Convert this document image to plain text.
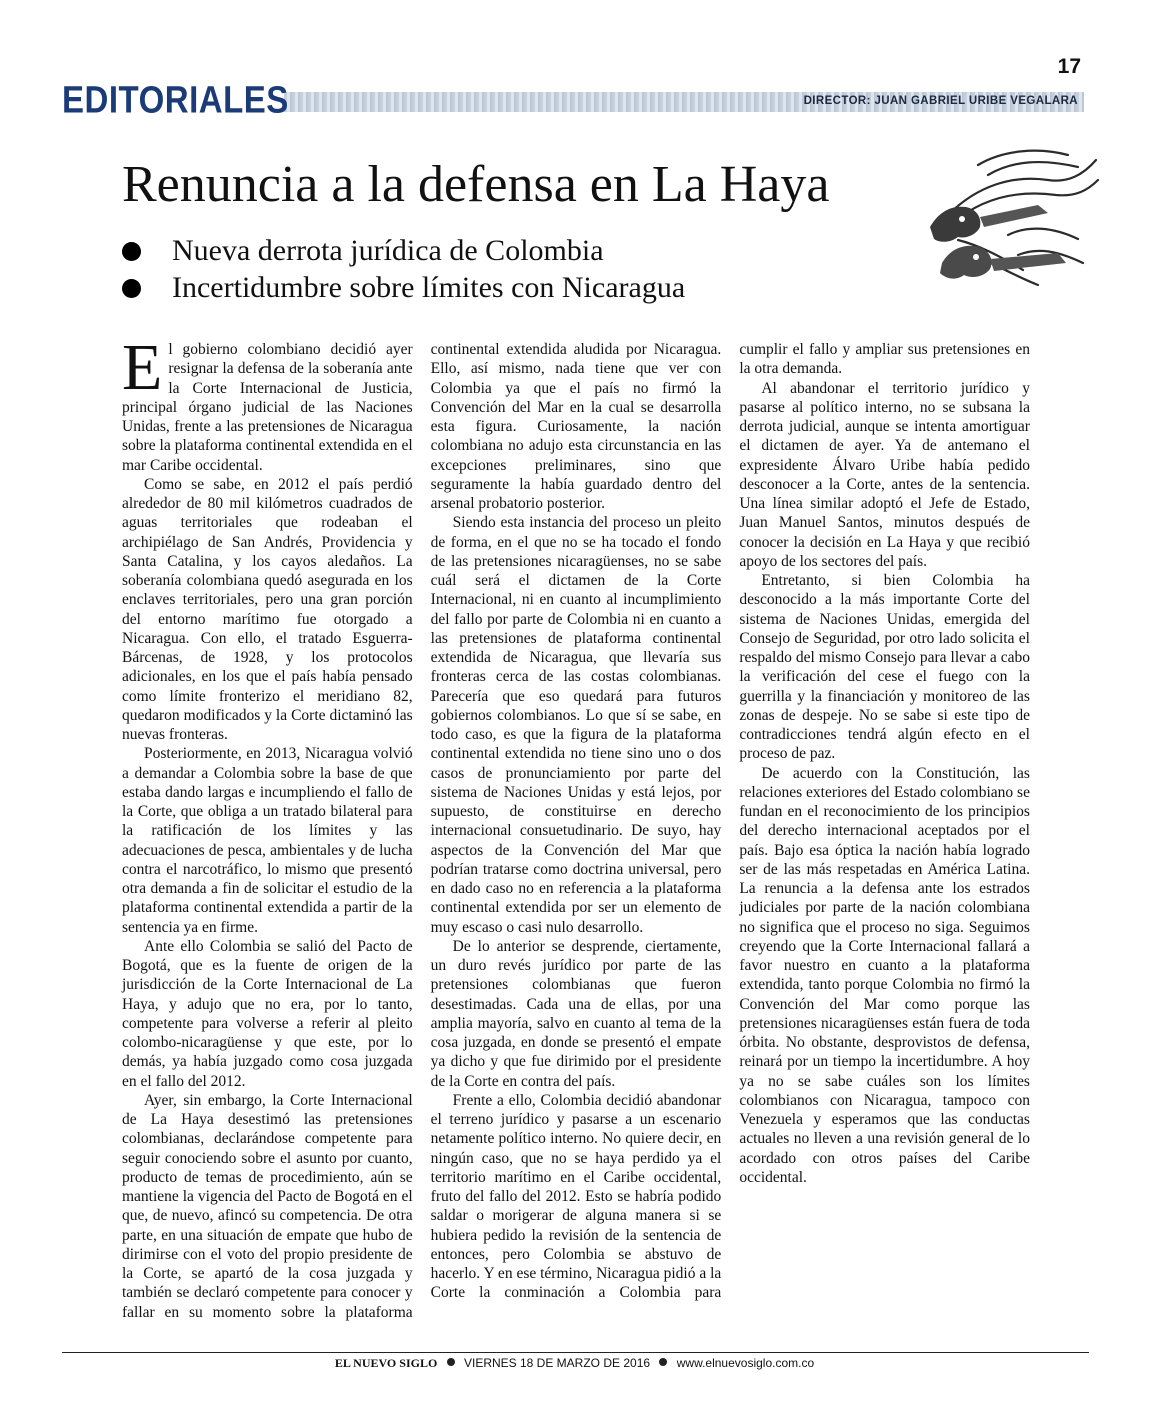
17
EDITORIALES	DIRECTOR: JUAN GABRIEL URIBE VEGALARA
Renuncia a la defensa en La Haya
Nueva derrota jurídica de Colombia
Incertidumbre sobre límites con Nicaragua

El gobierno colombiano decidió ayer resignar la defensa de la soberanía ante la Corte Internacional de Justicia, principal órgano judicial de las Naciones Unidas, frente a las pretensiones de Nicaragua sobre la plataforma continental extendida en el mar Caribe occidental.

Como se sabe, en 2012 el país perdió alrededor de 80 mil kilómetros cuadrados de aguas territoriales que rodeaban el archipiélago de San Andrés, Providencia y Santa Catalina, y los cayos aledaños. La soberanía colombiana quedó asegurada en los enclaves territoriales, pero una gran porción del entorno marítimo fue otorgado a Nicaragua. Con ello, el tratado Esguerra-Bárcenas, de 1928, y los protocolos adicionales, en los que el país había pensado como límite fronterizo el meridiano 82, quedaron modificados y la Corte dictaminó las nuevas fronteras.

Posteriormente, en 2013, Nicaragua volvió a demandar a Colombia sobre la base de que estaba dando largas e incumpliendo el fallo de la Corte, que obliga a un tratado bilateral para la ratificación de los límites y las adecuaciones de pesca, ambientales y de lucha contra el narcotráfico, lo mismo que presentó otra demanda a fin de solicitar el estudio de la plataforma continental extendida a partir de la sentencia ya en firme.

Ante ello Colombia se salió del Pacto de Bogotá, que es la fuente de origen de la jurisdicción de la Corte Internacional de La Haya, y adujo que no era, por lo tanto, competente para volverse a referir al pleito colombo-nicaragüense y que este, por lo demás, ya había juzgado como cosa juzgada en el fallo del 2012.

Ayer, sin embargo, la Corte Internacional de La Haya desestimó las pretensiones colombianas, declarándose competente para seguir conociendo sobre el asunto por cuanto, producto de temas de procedimiento, aún se mantiene la vigencia del Pacto de Bogotá en el que, de nuevo, afincó su competencia. De otra parte, en una situación de empate que hubo de dirimirse con el voto del propio presidente de la Corte, se apartó de la cosa juzgada y también se declaró competente para conocer y fallar en su momento sobre la plataforma continental extendida aludida por Nicaragua. Ello, así mismo, nada tiene que ver con Colombia ya que el país no firmó la Convención del Mar en la cual se desarrolla esta figura. Curiosamente, la nación colombiana no adujo esta circunstancia en las excepciones preliminares, sino que seguramente la había guardado dentro del arsenal probatorio posterior.

Siendo esta instancia del proceso un pleito de forma, en el que no se ha tocado el fondo de las pretensiones nicaragüenses, no se sabe cuál será el dictamen de la Corte Internacional, ni en cuanto al incumplimiento del fallo por parte de Colombia ni en cuanto a las pretensiones de plataforma continental extendida de Nicaragua, que llevaría sus fronteras cerca de las costas colombianas. Parecería que eso quedará para futuros gobiernos colombianos. Lo que sí se sabe, en todo caso, es que la figura de la plataforma continental extendida no tiene sino uno o dos casos de pronunciamiento por parte del sistema de Naciones Unidas y está lejos, por supuesto, de constituirse en derecho internacional consuetudinario. De suyo, hay aspectos de la Convención del Mar que podrían tratarse como doctrina universal, pero en dado caso no en referencia a la plataforma continental extendida por ser un elemento de muy escaso o casi nulo desarrollo.

De lo anterior se desprende, ciertamente, un duro revés jurídico por parte de las pretensiones colombianas que fueron desestimadas. Cada una de ellas, por una amplia mayoría, salvo en cuanto al tema de la cosa juzgada, en donde se presentó el empate ya dicho y que fue dirimido por el presidente de la Corte en contra del país.

Frente a ello, Colombia decidió abandonar el terreno jurídico y pasarse a un escenario netamente político interno. No quiere decir, en ningún caso, que no se haya perdido ya el territorio marítimo en el Caribe occidental, fruto del fallo del 2012. Esto se habría podido saldar o morigerar de alguna manera si se hubiera pedido la revisión de la sentencia de entonces, pero Colombia se abstuvo de hacerlo. Y en ese término, Nicaragua pidió a la Corte la conminación a Colombia para cumplir el fallo y ampliar sus pretensiones en la otra demanda.

Al abandonar el territorio jurídico y pasarse al político interno, no se subsana la derrota judicial, aunque se intenta amortiguar el dictamen de ayer. Ya de antemano el expresidente Álvaro Uribe había pedido desconocer a la Corte, antes de la sentencia. Una línea similar adoptó el Jefe de Estado, Juan Manuel Santos, minutos después de conocer la decisión en La Haya y que recibió apoyo de los sectores del país.

Entretanto, si bien Colombia ha desconocido a la más importante Corte del sistema de Naciones Unidas, emergida del Consejo de Seguridad, por otro lado solicita el respaldo del mismo Consejo para llevar a cabo la verificación del cese el fuego con la guerrilla y la financiación y monitoreo de las zonas de despeje. No se sabe si este tipo de contradicciones tendrá algún efecto en el proceso de paz.

De acuerdo con la Constitución, las relaciones exteriores del Estado colombiano se fundan en el reconocimiento de los principios del derecho internacional aceptados por el país. Bajo esa óptica la nación había logrado ser de las más respetadas en América Latina. La renuncia a la defensa ante los estrados judiciales por parte de la nación colombiana no significa que el proceso no siga. Seguimos creyendo que la Corte Internacional fallará a favor nuestro en cuanto a la plataforma extendida, tanto porque Colombia no firmó la Convención del Mar como porque las pretensiones nicaragüenses están fuera de toda órbita. No obstante, desprovistos de defensa, reinará por un tiempo la incertidumbre. A hoy ya no se sabe cuáles son los límites colombianos con Nicaragua, tampoco con Venezuela y esperamos que las conductas actuales no lleven a una revisión general de lo acordado con otros países del Caribe occidental.

EL NUEVO SIGLO VIERNES 18 DE MARZO DE 2016 www.elnuevosiglo.com.co
